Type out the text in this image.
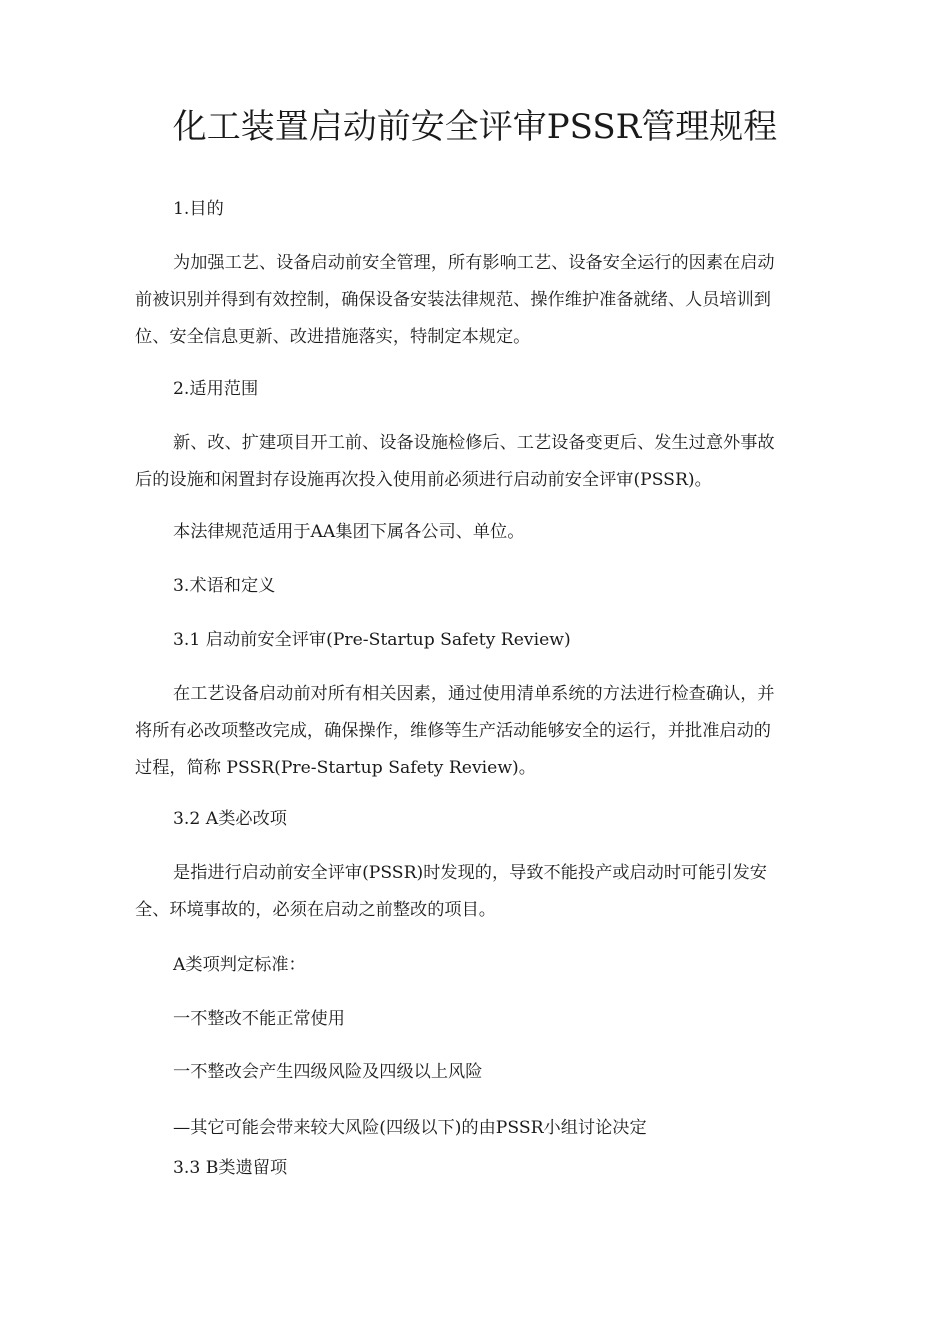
化工装置启动前安全评审PSSR管理规程
1.目的
为加强工艺、设备启动前安全管理，所有影响工艺、设备安全运行的因素在启动
前被识别并得到有效控制，确保设备安装法律规范、操作维护准备就绪、人员培训到
位、安全信息更新、改进措施落实，特制定本规定。
2.适用范围
新、改、扩建项目开工前、设备设施检修后、工艺设备变更后、发生过意外事故
后的设施和闲置封存设施再次投入使用前必须进行启动前安全评审(PSSR)。
本法律规范适用于AA集团下属各公司、单位。
3.术语和定义
3.1 启动前安全评审(Pre-Startup Safety Review)
在工艺设备启动前对所有相关因素，通过使用清单系统的方法进行检查确认，并
将所有必改项整改完成，确保操作，维修等生产活动能够安全的运行，并批准启动的
过程，简称 PSSR(Pre-Startup Safety Review)。
3.2 A类必改项
是指进行启动前安全评审(PSSR)时发现的，导致不能投产或启动时可能引发安
全、环境事故的，必须在启动之前整改的项目。
A类项判定标准：
一不整改不能正常使用
一不整改会产生四级风险及四级以上风险
—其它可能会带来较大风险(四级以下)的由PSSR小组讨论决定
3.3 B类遗留项
